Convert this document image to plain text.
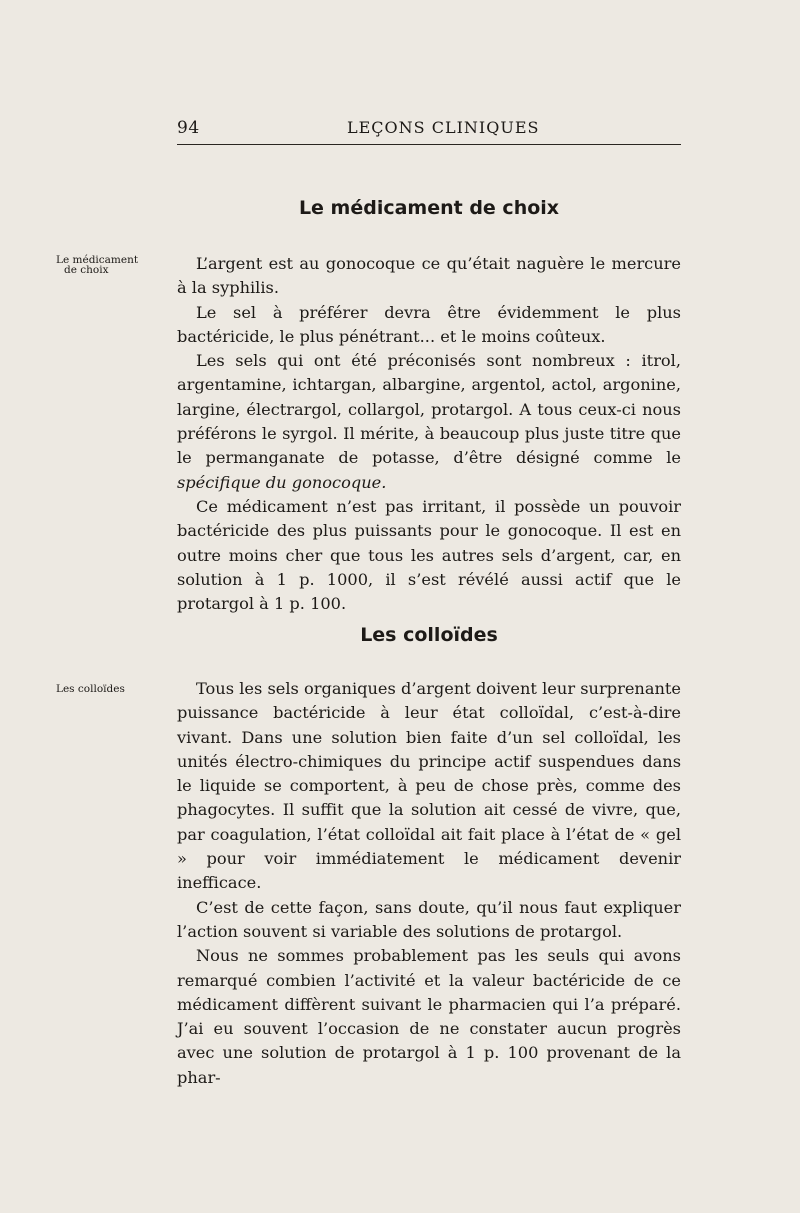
94	LEÇONS CLINIQUES
Le médicament de choix
Le médicament
de choix	L’argent est au gonocoque ce qu’était naguère le mercure à la syphilis.

Le sel à préférer devra être évidemment le plus bactéricide, le plus pénétrant... et le moins coûteux.

Les sels qui ont été préconisés sont nombreux : itrol, argentamine, ichtargan, albargine, argentol, actol, argonine, largine, électrargol, collargol, protargol. A tous ceux-ci nous préférons le syrgol. Il mérite, à beaucoup plus juste titre que le permanganate de potasse, d’être désigné comme le spécifique du gonocoque.

Ce médicament n’est pas irritant, il possède un pouvoir bactéricide des plus puissants pour le gonocoque. Il est en outre moins cher que tous les autres sels d’argent, car, en solution à 1 p. 1000, il s’est révélé aussi actif que le protargol à 1 p. 100.

Les colloïdes
Les colloïdes	Tous les sels organiques d’argent doivent leur surprenante puissance bactéricide à leur état colloïdal, c’est-à-dire vivant. Dans une solution bien faite d’un sel colloïdal, les unités électro-chimiques du principe actif suspendues dans le liquide se comportent, à peu de chose près, comme des phagocytes. Il suffit que la solution ait cessé de vivre, que, par coagulation, l’état colloïdal ait fait place à l’état de « gel » pour voir immédiatement le médicament devenir inefficace.

C’est de cette façon, sans doute, qu’il nous faut expliquer l’action souvent si variable des solutions de protargol.

Nous ne sommes probablement pas les seuls qui avons remarqué combien l’activité et la valeur bactéricide de ce médicament diffèrent suivant le pharmacien qui l’a préparé. J’ai eu souvent l’occasion de ne constater aucun progrès avec une solution de protargol à 1 p. 100 provenant de la phar-
